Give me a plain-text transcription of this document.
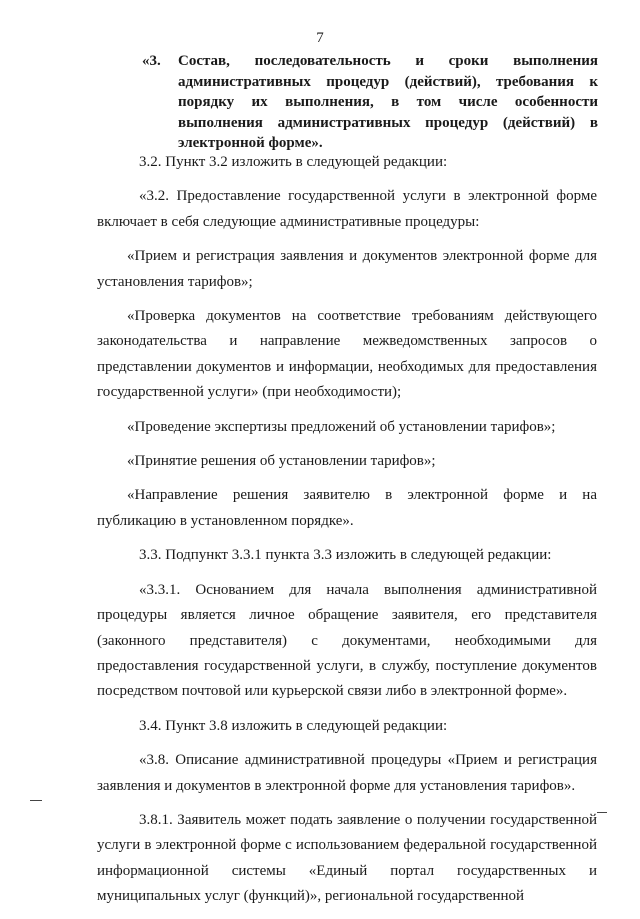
7
«3. Состав, последовательность и сроки выполнения административных процедур (действий), требования к порядку их выполнения, в том числе особенности выполнения административных процедур (действий) в электронной форме».

3.2. Пункт 3.2 изложить в следующей редакции:

«3.2. Предоставление государственной услуги в электронной форме включает в себя следующие административные процедуры:

«Прием и регистрация заявления и документов электронной форме для установления тарифов»;

«Проверка документов на соответствие требованиям действующего законодательства и направление межведомственных запросов о представлении документов и информации, необходимых для предоставления государственной услуги» (при необходимости);

«Проведение экспертизы предложений об установлении тарифов»;

«Принятие решения об установлении тарифов»;

«Направление решения заявителю в электронной форме и на публикацию в установленном порядке».

3.3. Подпункт 3.3.1 пункта 3.3 изложить в следующей редакции:

«3.3.1. Основанием для начала выполнения административной процедуры является личное обращение заявителя, его представителя (законного представителя) с документами, необходимыми для предоставления государственной услуги, в службу, поступление документов посредством почтовой или курьерской связи либо в электронной форме».

3.4. Пункт 3.8 изложить в следующей редакции:

«3.8. Описание административной процедуры «Прием и регистрация заявления и документов в электронной форме для установления тарифов».

3.8.1. Заявитель может подать заявление о получении государственной услуги в электронной форме с использованием федеральной государственной информационной системы «Единый портал государственных и муниципальных услуг (функций)», региональной государственной
